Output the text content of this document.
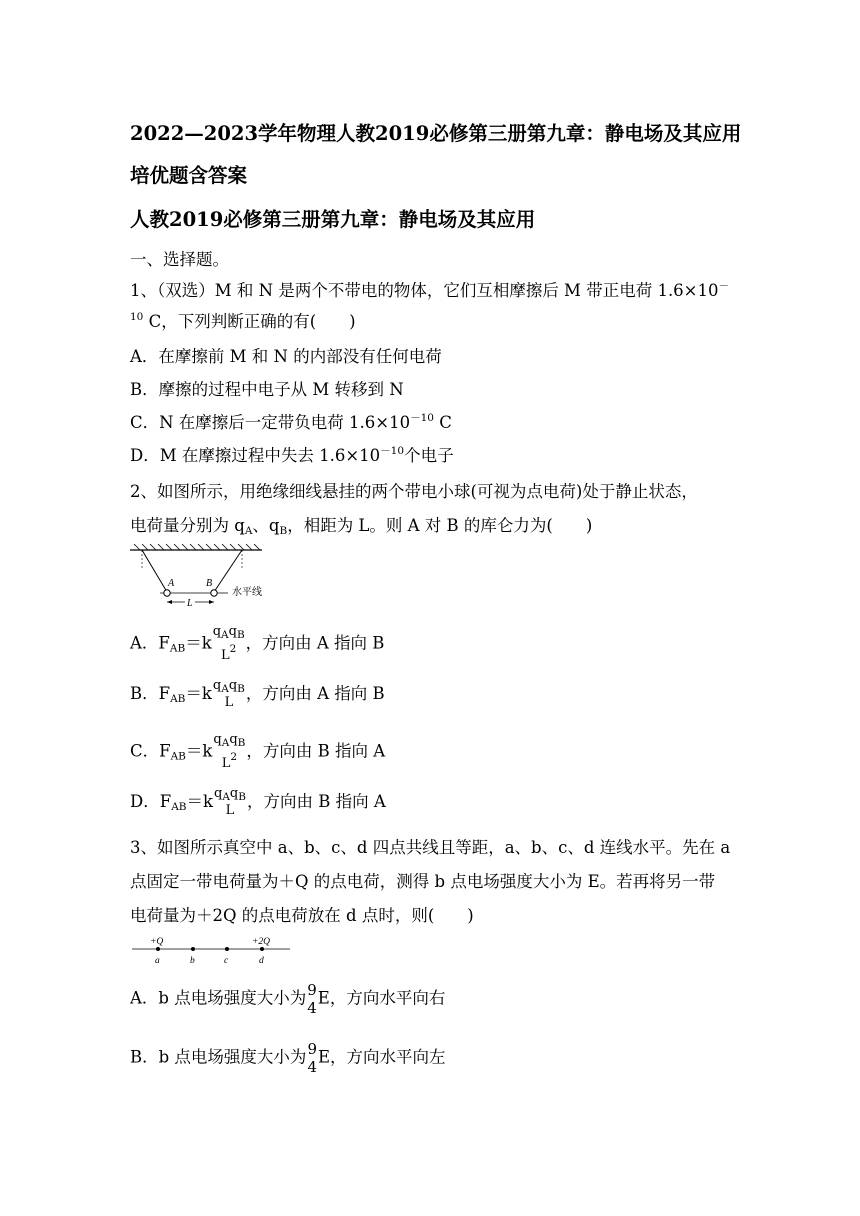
2022—2023学年物理人教2019必修第三册第九章：静电场及其应用
培优题含答案
人教2019必修第三册第九章：静电场及其应用
一、选择题。
1、（双选）M 和 N 是两个不带电的物体，它们互相摩擦后 M 带正电荷 1.6×10－
$^{10}$ C，下列判断正确的有(　　)
A．在摩擦前 M 和 N 的内部没有任何电荷
B．摩擦的过程中电子从 M 转移到 N
C．N 在摩擦后一定带负电荷 $1.6\times 10^{-10}$ C
D．M 在摩擦过程中失去 $1.6\times 10^{-10}$个电子
2、如图所示，用绝缘细线悬挂的两个带电小球(可视为点电荷)处于静止状态，
电荷量分别为 $q_A$、$q_B$，相距为 L。则 A 对 B 的库仑力为(　　)
A	B
水平线
L
A．$F_{AB}=k$
$q_Aq_B$
$L^2$ ，方向由 A 指向 B
B．$F_{AB}=k$ $q_Aq_B$
L ，方向由 A 指向 B
C．$F_{AB}=k$
$q_Aq_B$
$L^2$ ，方向由 B 指向 A
D．$F_{AB}=k$ $q_Aq_B$
L ，方向由 B 指向 A
3、如图所示真空中 a、b、c、d 四点共线且等距，a、b、c、d 连线水平。先在 a
点固定一带电荷量为＋Q 的点电荷，测得 b 点电场强度大小为 E。若再将另一带
电荷量为＋2Q 的点电荷放在 d 点时，则(　　)
+Q	+2Q
a	b	c	d
A．b 点电场强度大小为 9
4
E，方向水平向右
B．b 点电场强度大小为 9
4
E，方向水平向左
